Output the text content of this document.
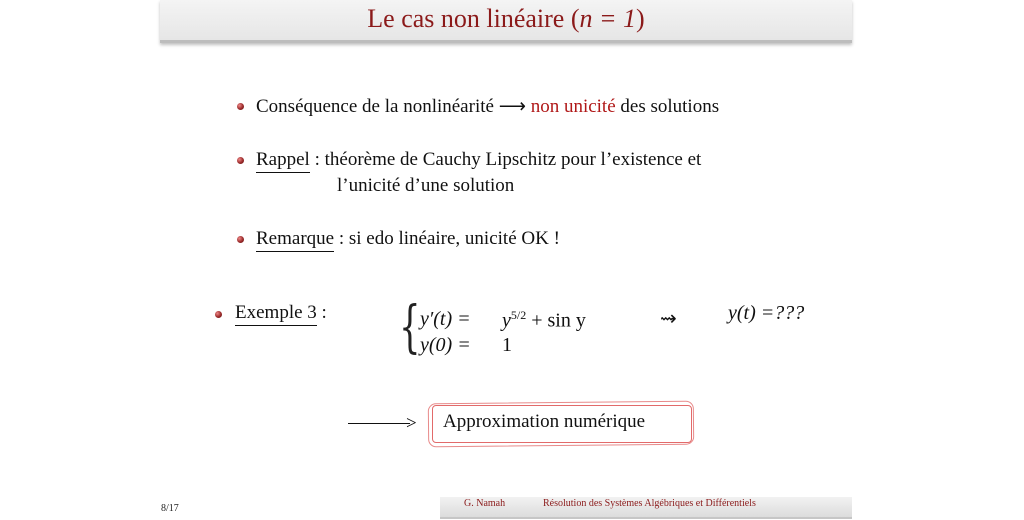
Le cas non linéaire (n = 1)
Conséquence de la nonlinéarité ⟶ non unicité des solutions
Rappel : théorème de Cauchy Lipschitz pour l’existence et
l’unicité d’une solution
Remarque : si edo linéaire, unicité OK !
Exemple 3 : { $y'(t) = y^{5/2} + \sin y$
y(0) = 1
⇝	y(t) =???
> Approximation numérique
G. Namah	Résolution des Systèmes Algébriques et Différentiels
8/17
